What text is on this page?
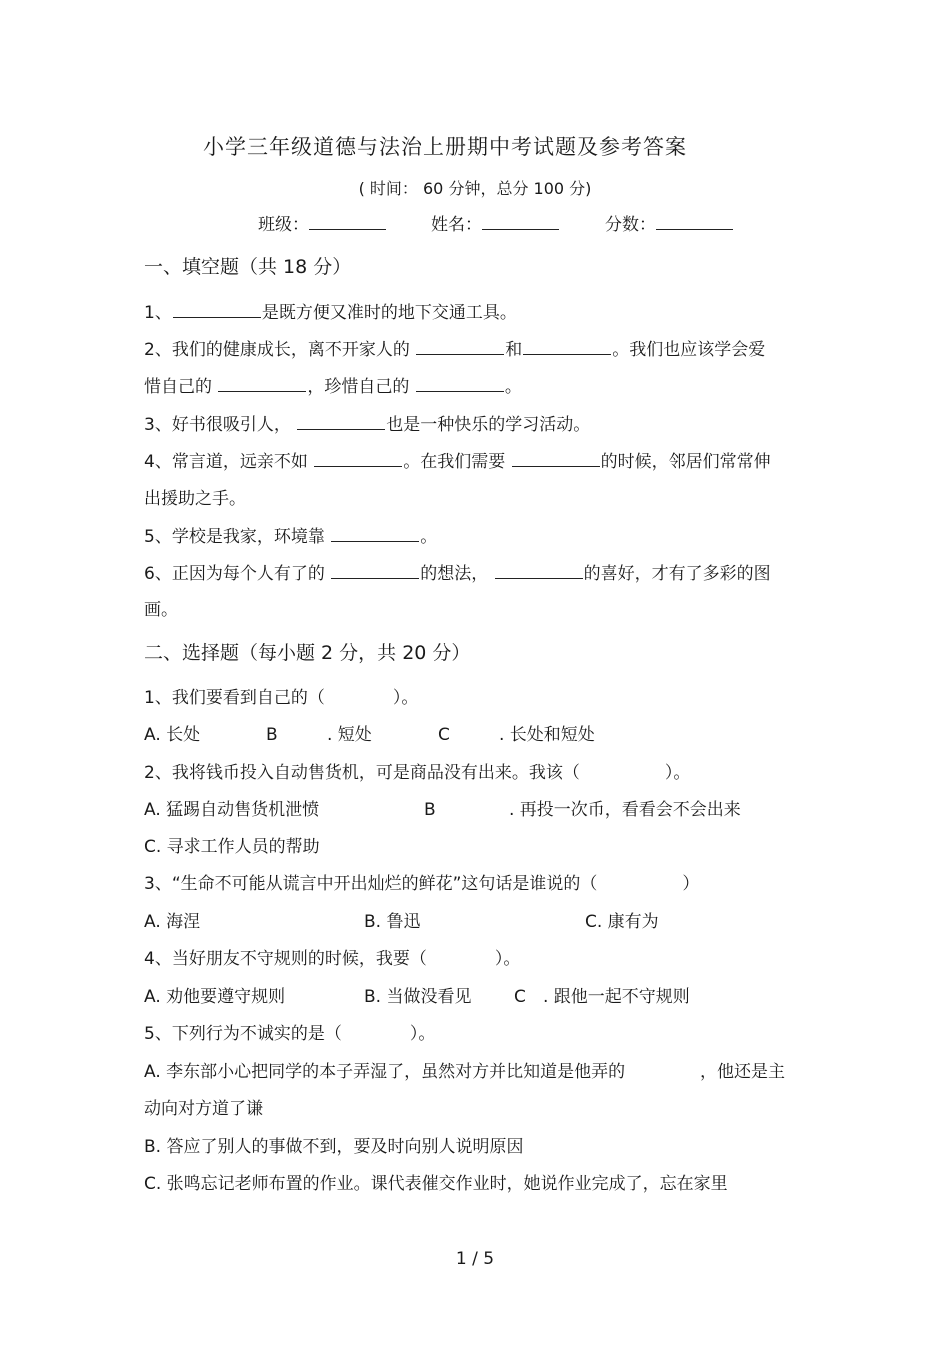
小学三年级道德与法治上册期中考试题及参考答案
( 时间： 60 分钟，总分 100 分)
班级：	姓名：	分数：
一、填空题（共 18 分）
1、	是既方便又准时的地下交通工具。
2、我们的健康成长，离不开家人的	和	。我们也应该学会爱
惜自己的	，珍惜自己的	。
3、好书很吸引人，	也是一种快乐的学习活动。
4、常言道，远亲不如	。在我们需要	的时候，邻居们常常伸
出援助之手。
5、学校是我家，环境靠	。
6、正因为每个人有了的	的想法，	的喜好，才有了多彩的图
画。
二、选择题（每小题 2 分，共 20 分）
1、我们要看到自己的（　　　　）。
A. 长处	B	. 短处	C	. 长处和短处
2、我将钱币投入自动售货机，可是商品没有出来。我该（　　　　　）。
A. 猛踢自动售货机泄愤	B	. 再投一次币，看看会不会出来
C. 寻求工作人员的帮助
3、“生命不可能从谎言中开出灿烂的鲜花”这句话是谁说的（　　　　　）
A. 海涅	B. 鲁迅	C. 康有为
4、当好朋友不守规则的时候，我要（　　　　）。
A. 劝他要遵守规则	B. 当做没看见	C . 跟他一起不守规则
5、下列行为不诚实的是（　　　　）。
A. 李东部小心把同学的本子弄湿了，虽然对方并比知道是他弄的	，他还是主
动向对方道了谦
B. 答应了别人的事做不到，要及时向别人说明原因
C. 张鸣忘记老师布置的作业。课代表催交作业时，她说作业完成了，忘在家里
1 / 5
